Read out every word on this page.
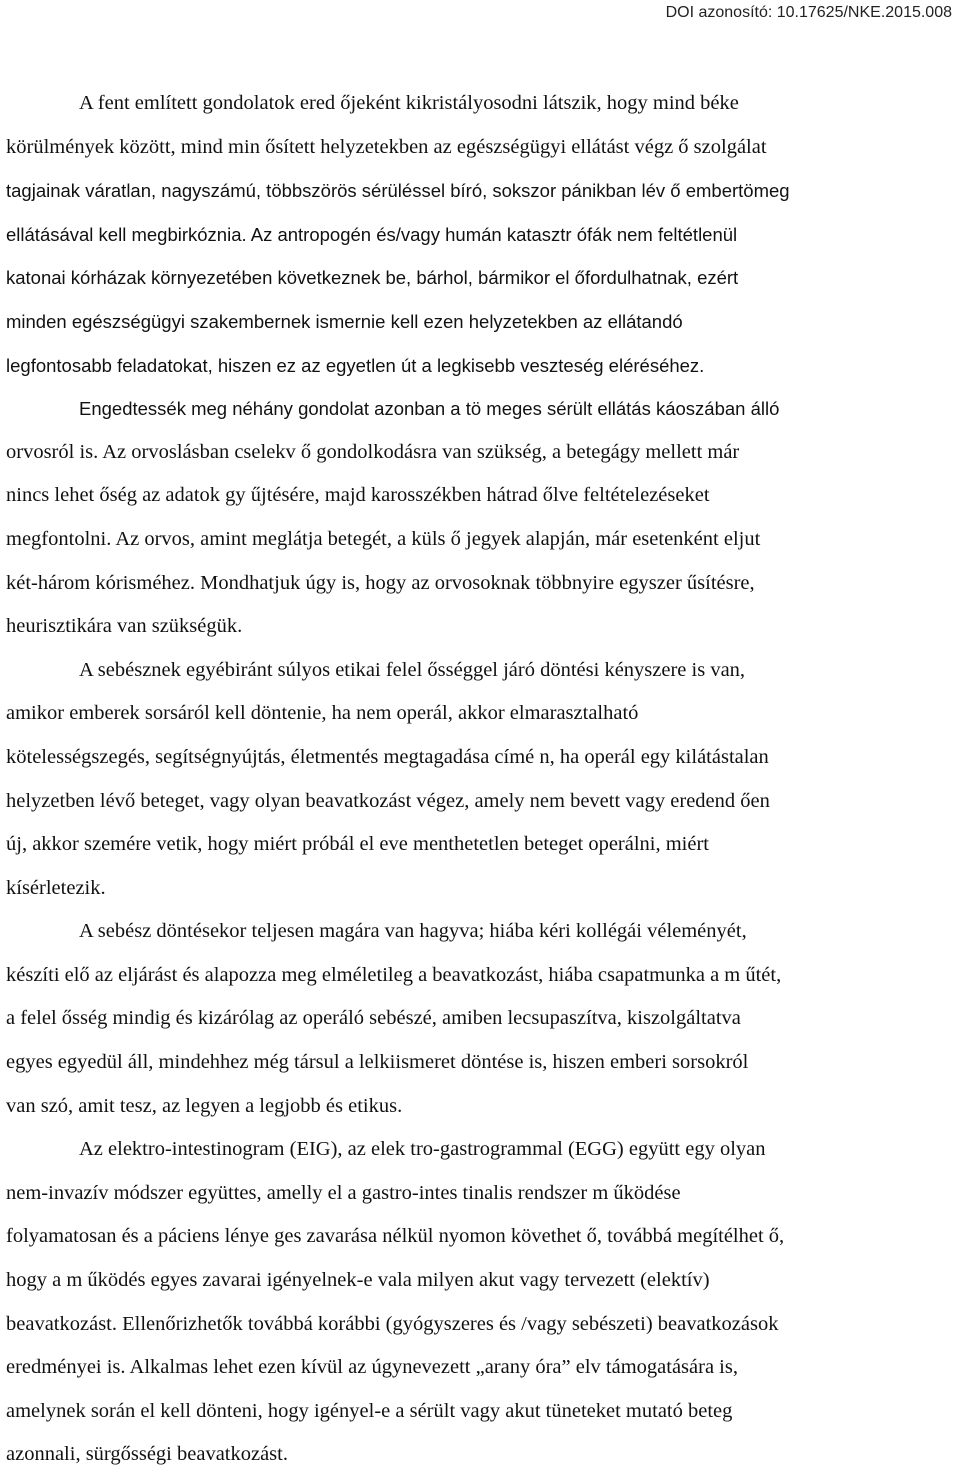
DOI azonosító: 10.17625/NKE.2015.008
A fent említett gondolatok ered őjeként kikristályosodni látszik, hogy mind béke
körülmények között, mind min ősített helyzetekben az egészségügyi ellátást végz ő szolgálat
tagjainak váratlan, nagyszámú, többszörös sérüléssel bíró, sokszor pánikban lév ő embertömeg
ellátásával kell megbirkóznia. Az antropogén és/vagy humán katasztr ófák nem feltétlenül
katonai kórházak környezetében következnek be, bárhol, bármikor el őfordulhatnak, ezért
minden egészségügyi szakembernek ismernie kell ezen helyzetekben az ellátandó
legfontosabb feladatokat, hiszen ez az egyetlen út a legkisebb veszteség eléréséhez.
Engedtessék meg néhány gondolat azonban a tö meges sérült ellátás káoszában álló
orvosról is. Az orvoslásban cselekv ő gondolkodásra van szükség, a betegágy mellett már
nincs lehet őség az adatok gy űjtésére, majd karosszékben hátrad őlve feltételezéseket
megfontolni. Az orvos, amint meglátja betegét, a küls ő jegyek alapján, már esetenként eljut
két-három kórisméhez. Mondhatjuk úgy is, hogy az orvosoknak többnyire egyszer űsítésre,
heurisztikára van szükségük.
A sebésznek egyébiránt súlyos etikai felel ősséggel járó döntési kényszere is van,
amikor emberek sorsáról kell döntenie, ha nem operál, akkor elmarasztalható
kötelességszegés, segítségnyújtás, életmentés megtagadása címé n, ha operál egy kilátástalan
helyzetben lévő beteget, vagy olyan beavatkozást végez, amely nem bevett vagy eredend ően
új, akkor szemére vetik, hogy miért próbál el eve menthetetlen beteget operálni, miért
kísérletezik.
A sebész döntésekor teljesen magára van hagyva; hiába kéri kollégái véleményét,
készíti elő az eljárást és alapozza meg elméletileg a beavatkozást, hiába csapatmunka a m űtét,
a felel ősség mindig és kizárólag az operáló sebészé, amiben lecsupaszítva, kiszolgáltatva
egyes egyedül áll, mindehhez még társul a lelkiismeret döntése is, hiszen emberi sorsokról
van szó, amit tesz, az legyen a legjobb és etikus.
Az elektro-intestinogram (EIG), az elek tro-gastrogrammal (EGG) együtt egy olyan
nem-invazív módszer együttes, amelly el a gastro-intes tinalis rendszer m űködése
folyamatosan és a páciens lénye ges zavarása nélkül nyomon követhet ő, továbbá megítélhet ő,
hogy a m űködés egyes zavarai igényelnek-e vala milyen akut vagy tervezett (elektív)
beavatkozást. Ellenőrizhetők továbbá korábbi (gyógyszeres és /vagy sebészeti) beavatkozások
eredményei is. Alkalmas lehet ezen kívül az úgynevezett „arany óra” elv támogatására is,
amelynek során el kell dönteni, hogy igényel-e a sérült vagy akut tüneteket mutató beteg
azonnali, sürgősségi beavatkozást.
